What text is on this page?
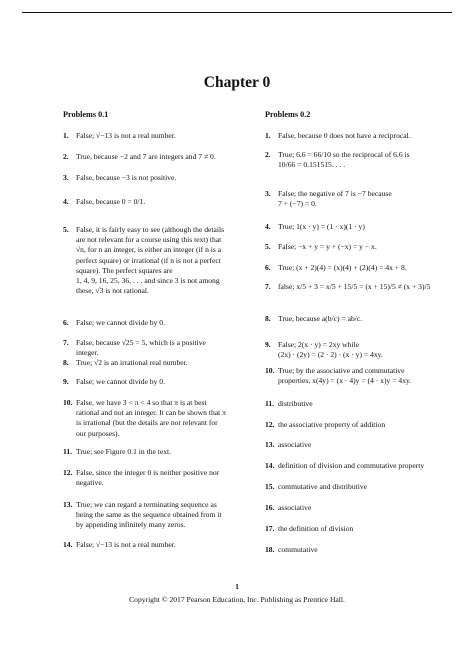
Chapter 0
Problems 0.1	Problems 0.2
1. False; √−13 is not a real number.
2. True, because −2 and 7 are integers and 7 ≠ 0.
3. False, because −3 is not positive.
4. False, because 0 = 0/1.
5. False, it is fairly easy to see (although the details
are not relevant for a course using this text) that
√n, for n an integer, is either an integer (if n is a
perfect square) or irrational (if n is not a perfect
square). The perfect squares are
1, 4, 9, 16, 25, 36, . . . and since 3 is not among
these, √3 is not rational.
6. False; we cannot divide by 0.
7. False, because √25 = 5, which is a positive
integer.
8. True; √2 is an irrational real number.
9. False; we cannot divide by 0.
10. False, we have 3 < π < 4 so that π is at best
rational and not an integer. It can be shown that π
is irrational (but the details are not relevant for
our purposes).
11. True; see Figure 0.1 in the text.
12. False, since the integer 0 is neither positive nor
negative.
13. True; we can regard a terminating sequence as
being the same as the sequence obtained from it
by appending infinitely many zeros.
14. False; √−13 is not a real number.
1. False, because 0 does not have a reciprocal.
2. True; 6.6 = 66/10 so the reciprocal of 6.6 is
10/66 = 0.151515. . . .
3. False; the negative of 7 is −7 because
7 + (−7) = 0.
4. True; 1(x · y) = (1 · x)(1 · y)
5. False; −x + y = y + (−x) = y − x.
6. True; (x + 2)(4) = (x)(4) + (2)(4) = 4x + 8.
7. false; x/5 + 3 = x/5 + 15/5 = (x + 15)/5 ≠ (x + 3)/5
8. True, because a(b/c) = ab/c.
9. False; 2(x · y) = 2xy while
(2x) · (2y) = (2 · 2) · (x · y) = 4xy.
10. True; by the associative and commutative
properties, x(4y) = (x · 4)y = (4 · x)y = 4xy.
11. distributive
12. the associative property of addition
13. associative
14. definition of division and commutative property
15. commutative and distributive
16. associative
17. the definition of division
18. commutative
1
Copyright © 2017 Pearson Education, Inc. Publishing as Prentice Hall.
